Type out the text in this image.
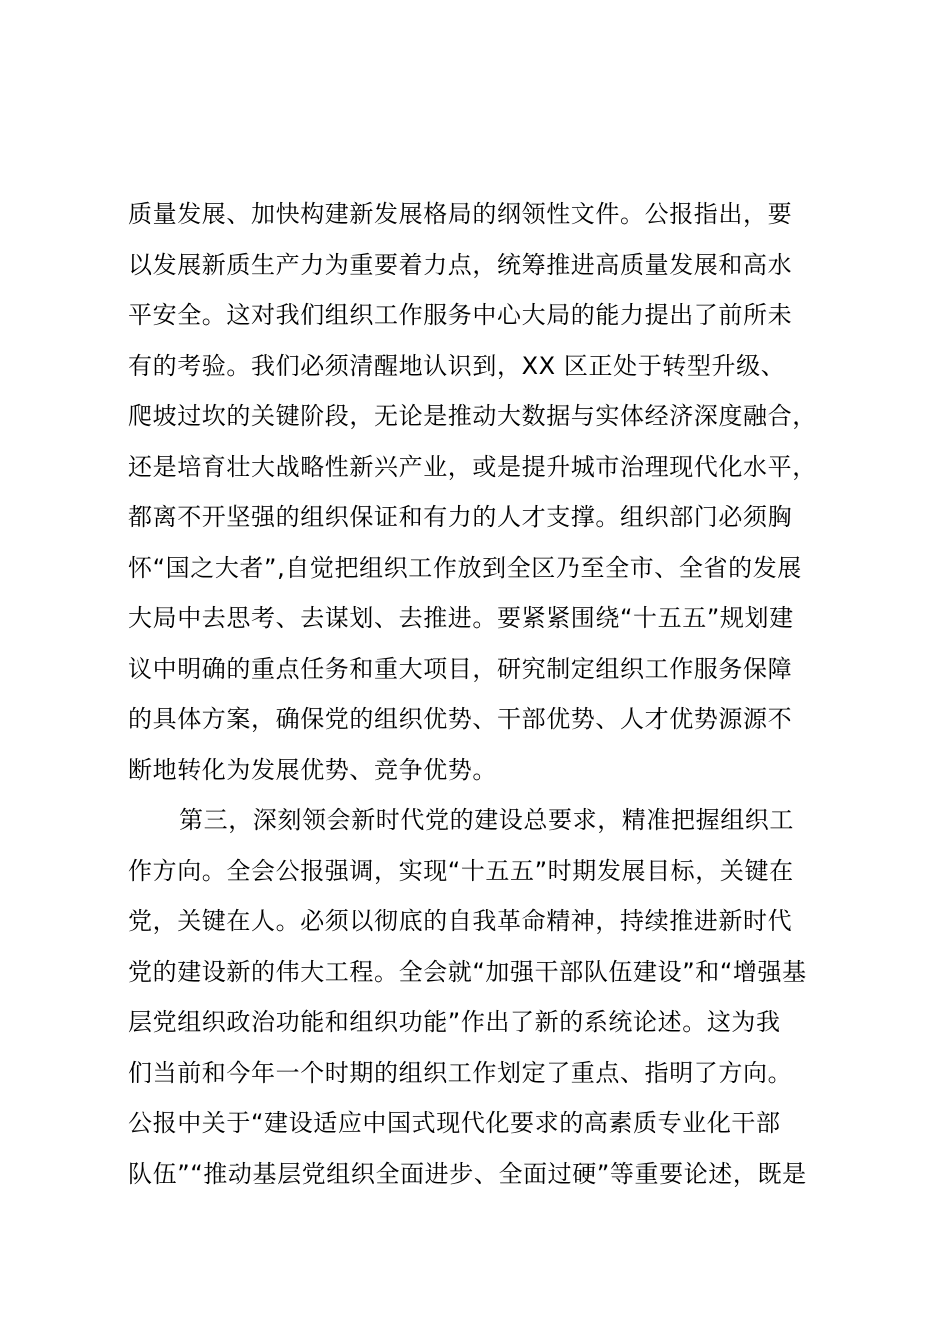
质量发展、加快构建新发展格局的纲领性文件。公报指出，要
以发展新质生产力为重要着力点，统筹推进高质量发展和高水
平安全。这对我们组织工作服务中心大局的能力提出了前所未
有的考验。我们必须清醒地认识到，XX 区正处于转型升级、
爬坡过坎的关键阶段，无论是推动大数据与实体经济深度融合，
还是培育壮大战略性新兴产业，或是提升城市治理现代化水平，
都离不开坚强的组织保证和有力的人才支撑。组织部门必须胸
怀“国之大者”,自觉把组织工作放到全区乃至全市、全省的发展
大局中去思考、去谋划、去推进。要紧紧围绕“十五五”规划建
议中明确的重点任务和重大项目，研究制定组织工作服务保障
的具体方案，确保党的组织优势、干部优势、人才优势源源不
断地转化为发展优势、竞争优势。
第三，深刻领会新时代党的建设总要求，精准把握组织工
作方向。全会公报强调，实现“十五五”时期发展目标，关键在
党，关键在人。必须以彻底的自我革命精神，持续推进新时代
党的建设新的伟大工程。全会就“加强干部队伍建设”和“增强基
层党组织政治功能和组织功能”作出了新的系统论述。这为我
们当前和今年一个时期的组织工作划定了重点、指明了方向。
公报中关于“建设适应中国式现代化要求的高素质专业化干部
队伍”“推动基层党组织全面进步、全面过硬”等重要论述，既是
